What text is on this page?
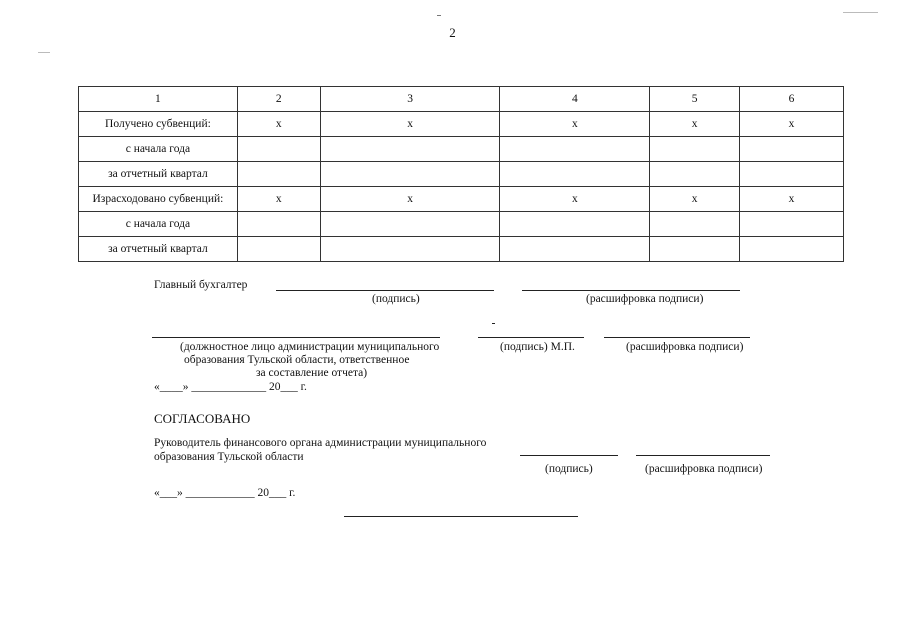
2
1	2	3	4	5	6
Получено субвенций:	х	х	х	х	х
с начала года					
за отчетный квартал					
Израсходовано субвенций:	х	х	х	х	х
с начала года					
за отчетный квартал					
Главный бухгалтер
(подпись)	(расшифровка подписи)
(должностное лицо администрации муниципального
образования Тульской области, ответственное
за составление отчета)
(подпись) М.П.	(расшифровка подписи)
«____» _____________ 20___ г.
СОГЛАСОВАНО
Руководитель финансового органа администрации муниципального
образования Тульской области
(подпись)	(расшифровка подписи)
«___» ____________ 20___ г.
